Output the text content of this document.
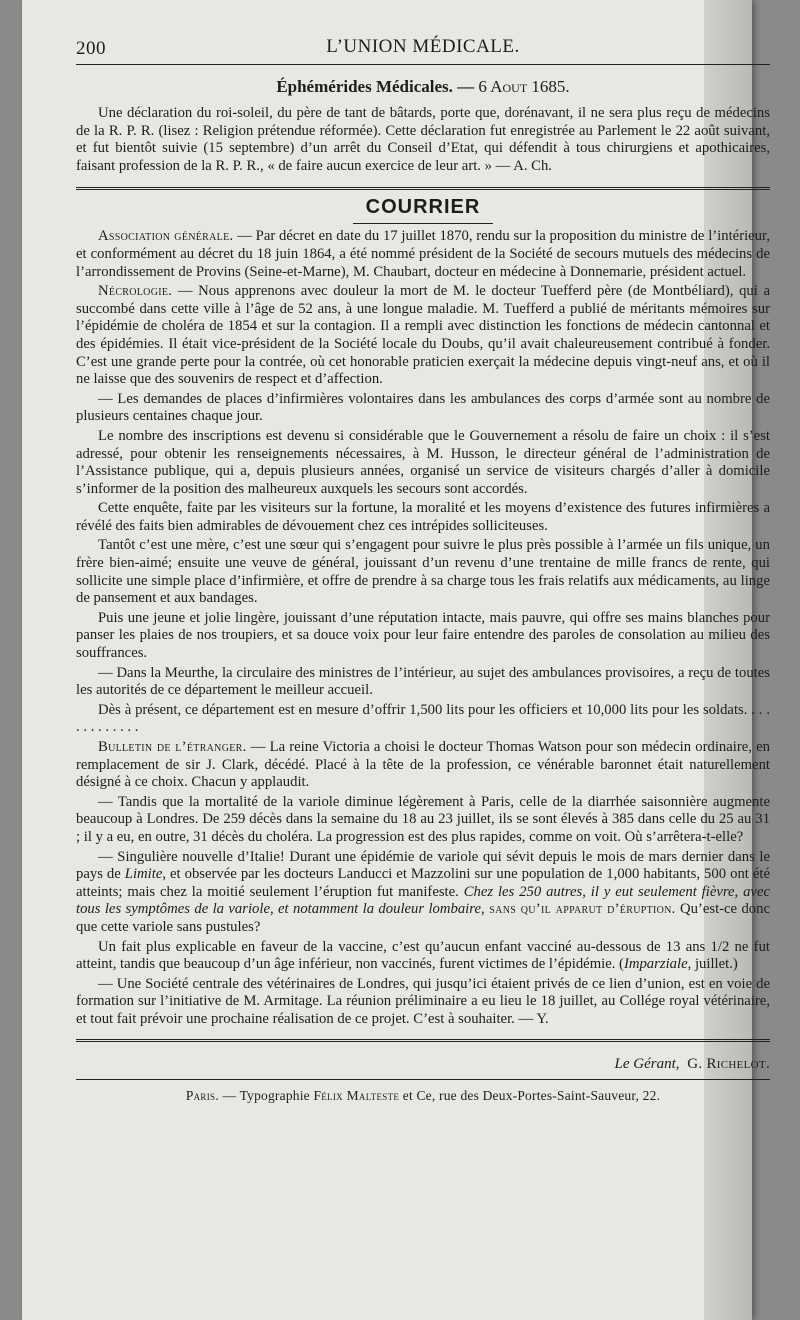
200	L’UNION MÉDICALE.
Éphémérides Médicales. — 6 Aout 1685.

Une déclaration du roi-soleil, du père de tant de bâtards, porte que, dorénavant, il ne sera plus reçu de médecins de la R. P. R. (lisez : Religion prétendue réformée). Cette déclaration fut enregistrée au Parlement le 22 août suivant, et fut bientôt suivie (15 septembre) d’un arrêt du Conseil d’Etat, qui défendit à tous chirurgiens et apothicaires, faisant profession de la R. P. R., « de faire aucun exercice de leur art. » — A. Ch.

COURRIER

Association générale. — Par décret en date du 17 juillet 1870, rendu sur la proposition du ministre de l’intérieur, et conformément au décret du 18 juin 1864, a été nommé président de la Société de secours mutuels des médecins de l’arrondissement de Provins (Seine-et-Marne), M. Chaubart, docteur en médecine à Donnemarie, président actuel.

Nécrologie. — Nous apprenons avec douleur la mort de M. le docteur Tuefferd père (de Montbéliard), qui a succombé dans cette ville à l’âge de 52 ans, à une longue maladie. M. Tuefferd a publié de méritants mémoires sur l’épidémie de choléra de 1854 et sur la contagion. Il a rempli avec distinction les fonctions de médecin cantonnal et des épidémies. Il était vice-président de la Société locale du Doubs, qu’il avait chaleureusement contribué à fonder. C’est une grande perte pour la contrée, où cet honorable praticien exerçait la médecine depuis vingt-neuf ans, et où il ne laisse que des souvenirs de respect et d’affection.

— Les demandes de places d’infirmières volontaires dans les ambulances des corps d’armée sont au nombre de plusieurs centaines chaque jour.

Le nombre des inscriptions est devenu si considérable que le Gouvernement a résolu de faire un choix : il s’est adressé, pour obtenir les renseignements nécessaires, à M. Husson, le directeur général de l’administration de l’Assistance publique, qui a, depuis plusieurs années, organisé un service de visiteurs chargés d’aller à domicile s’informer de la position des malheureux auxquels les secours sont accordés.

Cette enquête, faite par les visiteurs sur la fortune, la moralité et les moyens d’existence des futures infirmières a révélé des faits bien admirables de dévouement chez ces intrépides solliciteuses.

Tantôt c’est une mère, c’est une sœur qui s’engagent pour suivre le plus près possible à l’armée un fils unique, un frère bien-aimé; ensuite une veuve de général, jouissant d’un revenu d’une trentaine de mille francs de rente, qui sollicite une simple place d’infirmière, et offre de prendre à sa charge tous les frais relatifs aux médicaments, au linge de pansement et aux bandages.

Puis une jeune et jolie lingère, jouissant d’une réputation intacte, mais pauvre, qui offre ses mains blanches pour panser les plaies de nos troupiers, et sa douce voix pour leur faire entendre des paroles de consolation au milieu des souffrances.

— Dans la Meurthe, la circulaire des ministres de l’intérieur, au sujet des ambulances provisoires, a reçu de toutes les autorités de ce département le meilleur accueil.

Dès à présent, ce département est en mesure d’offrir 1,500 lits pour les officiers et 10,000 lits pour les soldats. . . . . . . . . . . . .

Bulletin de l’étranger. — La reine Victoria a choisi le docteur Thomas Watson pour son médecin ordinaire, en remplacement de sir J. Clark, décédé. Placé à la tête de la profession, ce vénérable baronnet était naturellement désigné à ce choix. Chacun y applaudit.

— Tandis que la mortalité de la variole diminue légèrement à Paris, celle de la diarrhée saisonnière augmente beaucoup à Londres. De 259 décès dans la semaine du 18 au 23 juillet, ils se sont élevés à 385 dans celle du 25 au 31 ; il y a eu, en outre, 31 décès du choléra. La progression est des plus rapides, comme on voit. Où s’arrêtera-t-elle?

— Singulière nouvelle d’Italie! Durant une épidémie de variole qui sévit depuis le mois de mars dernier dans le pays de Limite, et observée par les docteurs Landucci et Mazzolini sur une population de 1,000 habitants, 500 ont été atteints; mais chez la moitié seulement l’éruption fut manifeste. Chez les 250 autres, il y eut seulement fièvre, avec tous les symptômes de la variole, et notamment la douleur lombaire, sans qu’il apparut d’éruption. Qu’est-ce donc que cette variole sans pustules?

Un fait plus explicable en faveur de la vaccine, c’est qu’aucun enfant vacciné au-dessous de 13 ans 1/2 ne fut atteint, tandis que beaucoup d’un âge inférieur, non vaccinés, furent victimes de l’épidémie. (Imparziale, juillet.)

— Une Société centrale des vétérinaires de Londres, qui jusqu’ici étaient privés de ce lien d’union, est en voie de formation sur l’initiative de M. Armitage. La réunion préliminaire a eu lieu le 18 juillet, au Collége royal vétérinaire, et tout fait prévoir une prochaine réalisation de ce projet. C’est à souhaiter. — Y.

Le Gérant, G. Richelot.
Paris. — Typographie Félix Malteste et Ce, rue des Deux-Portes-Saint-Sauveur, 22.
